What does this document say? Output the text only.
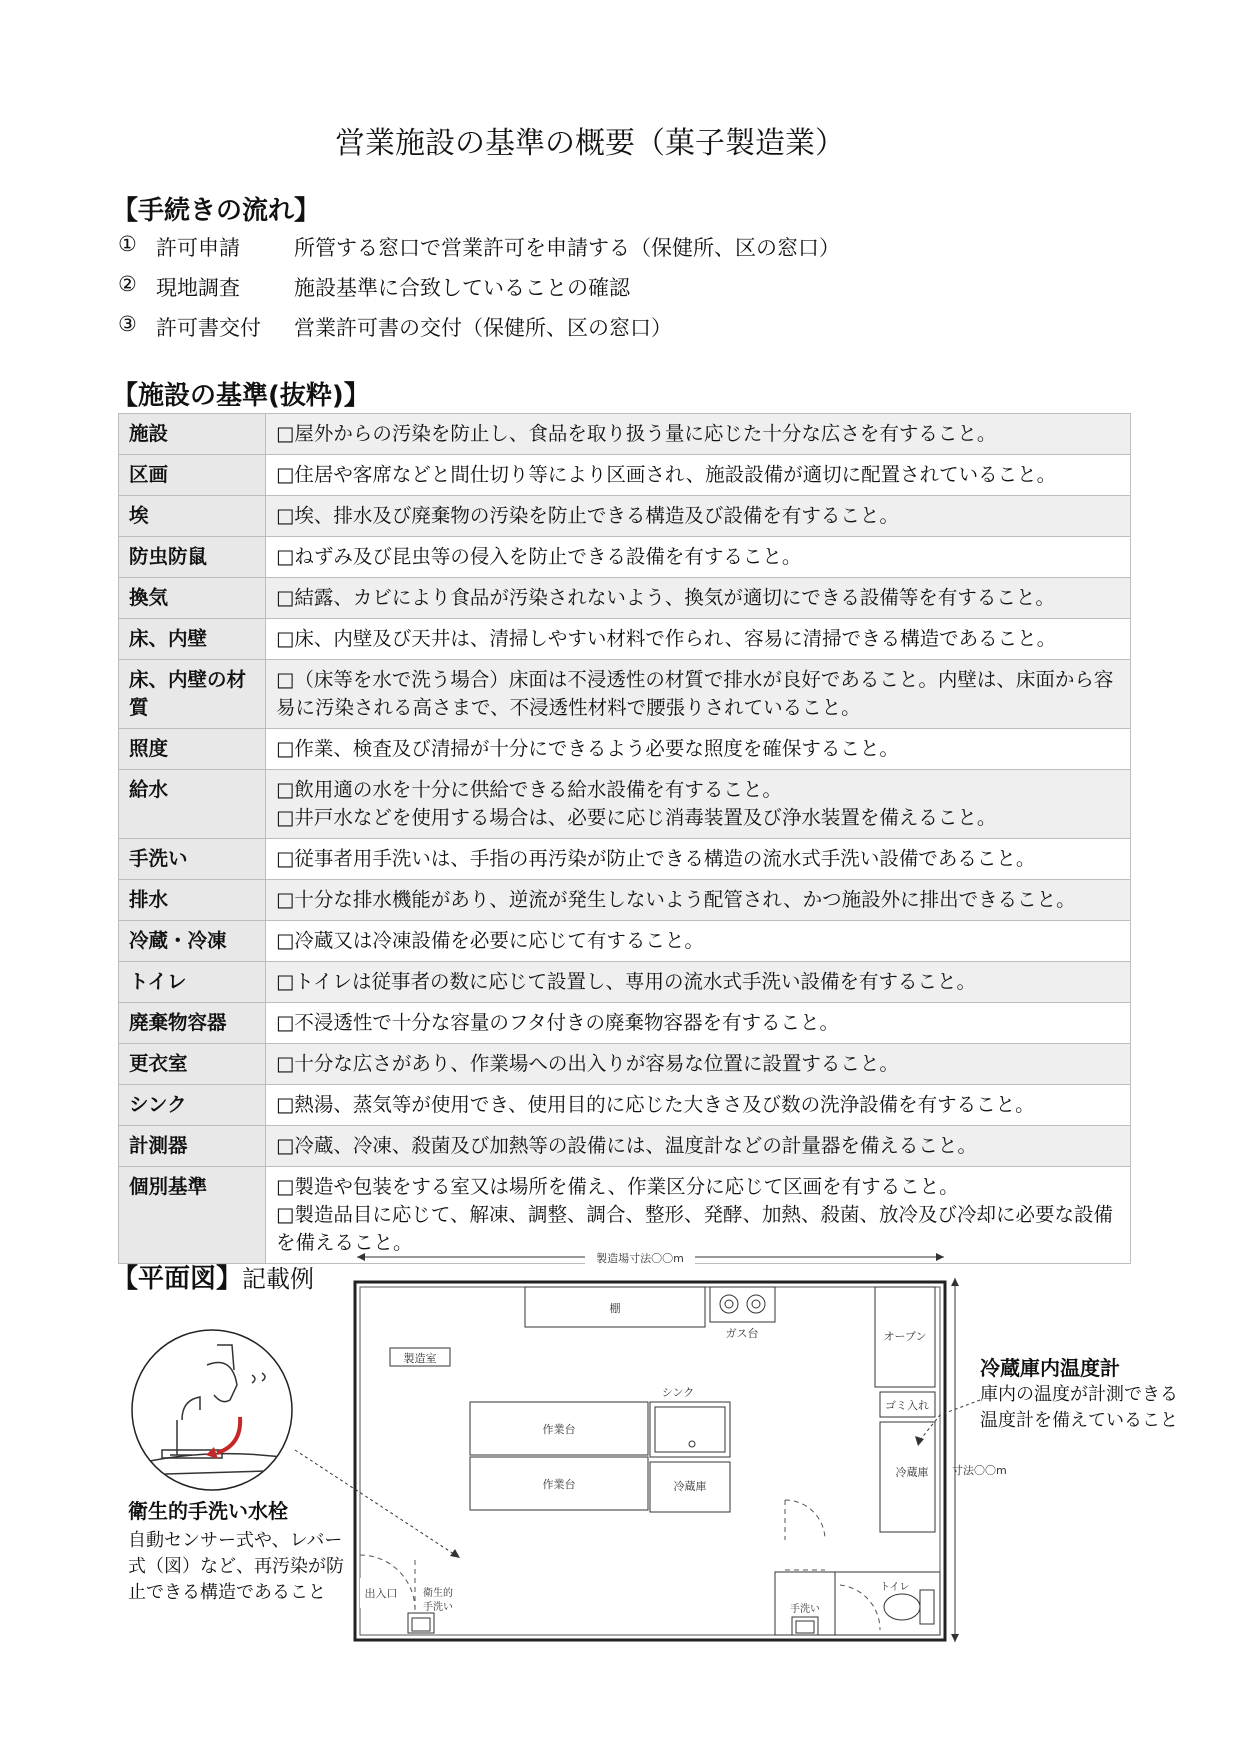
営業施設の基準の概要（菓子製造業）
【手続きの流れ】
① 許可申請	所管する窓口で営業許可を申請する（保健所、区の窓口）
② 現地調査	施設基準に合致していることの確認
③ 許可書交付	営業許可書の交付（保健所、区の窓口）
【施設の基準(抜粋)】
施設	□屋外からの汚染を防止し、食品を取り扱う量に応じた十分な広さを有すること。

区画	□住居や客席などと間仕切り等により区画され、施設設備が適切に配置されていること。

埃	□埃、排水及び廃棄物の汚染を防止できる構造及び設備を有すること。

防虫防鼠	□ねずみ及び昆虫等の侵入を防止できる設備を有すること。

換気	□結露、カビにより食品が汚染されないよう、換気が適切にできる設備等を有すること。

床、内壁	□床、内壁及び天井は、清掃しやすい材料で作られ、容易に清掃できる構造であること。

床、内壁の材質	□（床等を水で洗う場合）床面は不浸透性の材質で排水が良好であること。内壁は、床面から容易に汚染される高さまで、不浸透性材料で腰張りされていること。

照度	□作業、検査及び清掃が十分にできるよう必要な照度を確保すること。

給水	□飲用適の水を十分に供給できる給水設備を有すること。
□井戸水などを使用する場合は、必要に応じ消毒装置及び浄水装置を備えること。

手洗い	□従事者用手洗いは、手指の再汚染が防止できる構造の流水式手洗い設備であること。

排水	□十分な排水機能があり、逆流が発生しないよう配管され、かつ施設外に排出できること。

冷蔵・冷凍	□冷蔵又は冷凍設備を必要に応じて有すること。

トイレ	□トイレは従事者の数に応じて設置し、専用の流水式手洗い設備を有すること。

廃棄物容器	□不浸透性で十分な容量のフタ付きの廃棄物容器を有すること。

更衣室	□十分な広さがあり、作業場への出入りが容易な位置に設置すること。

シンク	□熱湯、蒸気等が使用でき、使用目的に応じた大きさ及び数の洗浄設備を有すること。

計測器	□冷蔵、冷凍、殺菌及び加熱等の設備には、温度計などの計量器を備えること。

個別基準	□製造や包装をする室又は場所を備え、作業区分に応じて区画を有すること。
□製造品目に応じて、解凍、調整、調合、整形、発酵、加熱、殺菌、放冷及び冷却に必要な設備を備えること。
【平面図】記載例
衛生的手洗い水栓
自動センサー式や、レバー
式（図）など、再汚染が防
止できる構造であること
冷蔵庫内温度計
庫内の温度が計測できる
温度計を備えていること
製造場寸法〇〇m
寸法〇〇m
棚
ガス台	オーブン
製造室
ゴミ入れ
冷蔵庫
シンク
作業台
作業台	冷蔵庫
出入口	衛生的手洗い	手洗い
トイレ
